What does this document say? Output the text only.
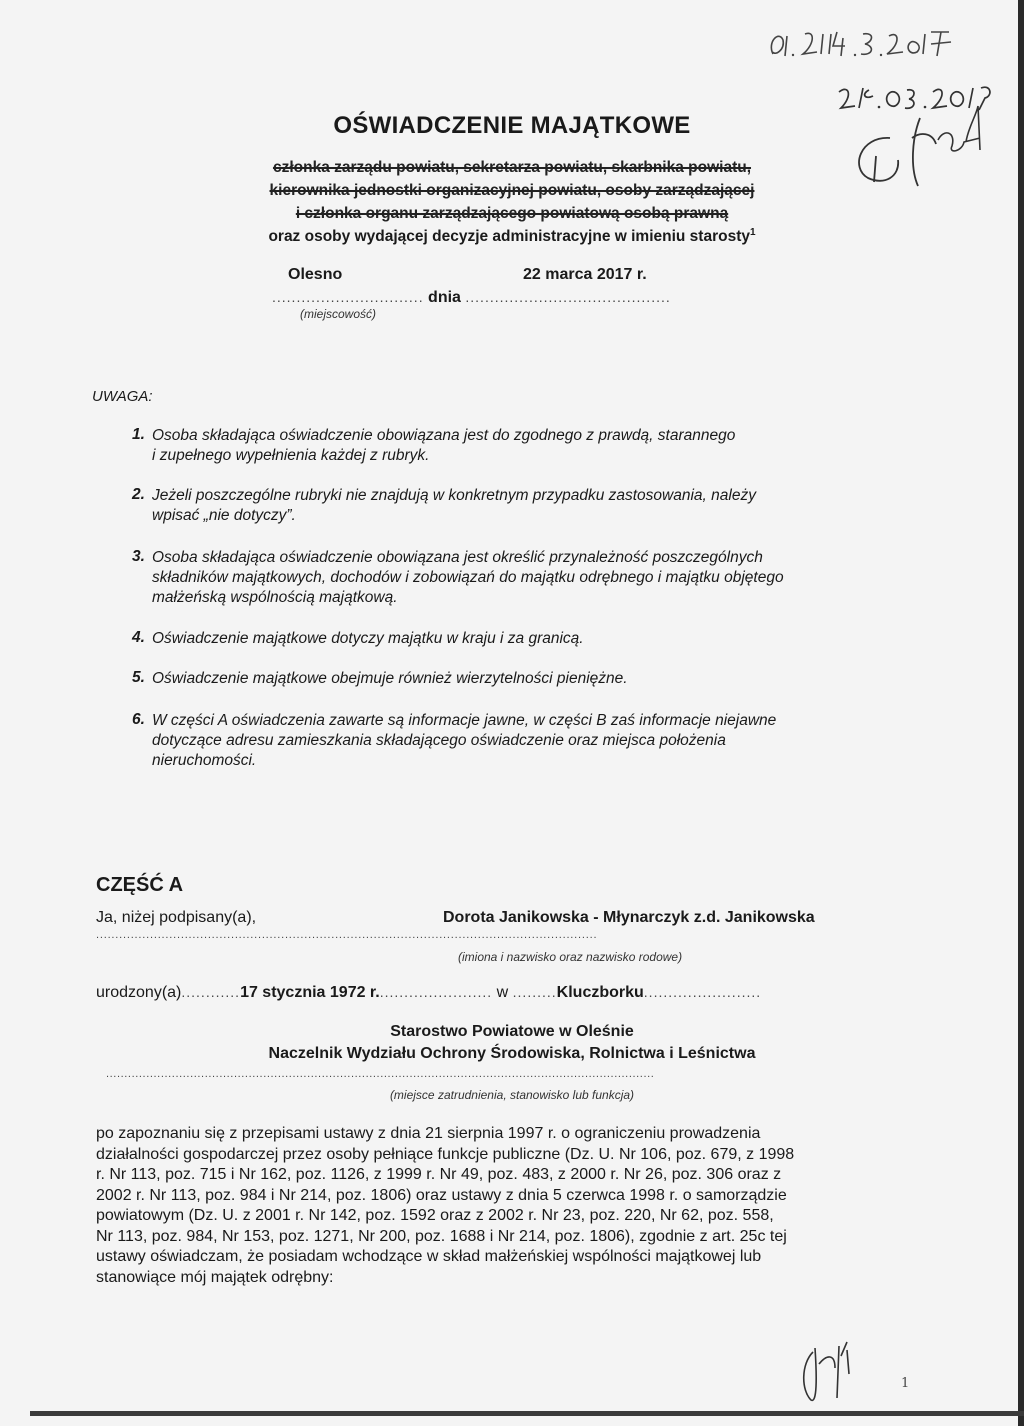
OŚWIADCZENIE MAJĄTKOWE
członka zarządu powiatu, sekretarza powiatu, skarbnika powiatu,
kierownika jednostki organizacyjnej powiatu, osoby zarządzającej
i członka organu zarządzającego powiatową osobą prawną
oraz osoby wydającej decyzje administracyjne w imieniu starosty$^1$
Olesno	22 marca 2017 r.
............................... dnia ..........................................
(miejscowość)
UWAGA:
1. Osoba składająca oświadczenie obowiązana jest do zgodnego z prawdą, starannego
i zupełnego wypełnienia każdej z rubryk.
2. Jeżeli poszczególne rubryki nie znajdują w konkretnym przypadku zastosowania, należy
wpisać „nie dotyczy”.
3. Osoba składająca oświadczenie obowiązana jest określić przynależność poszczególnych
składników majątkowych, dochodów i zobowiązań do majątku odrębnego i majątku objętego
małżeńską wspólnością majątkową.
4. Oświadczenie majątkowe dotyczy majątku w kraju i za granicą.
5. Oświadczenie majątkowe obejmuje również wierzytelności pieniężne.
6. W części A oświadczenia zawarte są informacje jawne, w części B zaś informacje niejawne
dotyczące adresu zamieszkania składającego oświadczenie oraz miejsca położenia
nieruchomości.
CZĘŚĆ A
Ja, niżej podpisany(a),	Dorota Janikowska - Młynarczyk z.d. Janikowska
..................................................................................................................................
(imiona i nazwisko oraz nazwisko rodowe)
urodzony(a)............17 stycznia 1972 r........................ w .........Kluczborku........................
Starostwo Powiatowe w Oleśnie
Naczelnik Wydziału Ochrony Środowiska, Rolnictwa i Leśnictwa
......................................................................................................................................................
(miejsce zatrudnienia, stanowisko lub funkcja)
po zapoznaniu się z przepisami ustawy z dnia 21 sierpnia 1997 r. o ograniczeniu prowadzenia
działalności gospodarczej przez osoby pełniące funkcje publiczne (Dz. U. Nr 106, poz. 679, z 1998
r. Nr 113, poz. 715 i Nr 162, poz. 1126, z 1999 r. Nr 49, poz. 483, z 2000 r. Nr 26, poz. 306 oraz z
2002 r. Nr 113, poz. 984 i Nr 214, poz. 1806) oraz ustawy z dnia 5 czerwca 1998 r. o samorządzie
powiatowym (Dz. U. z 2001 r. Nr 142, poz. 1592 oraz z 2002 r. Nr 23, poz. 220, Nr 62, poz. 558,
Nr 113, poz. 984, Nr 153, poz. 1271, Nr 200, poz. 1688 i Nr 214, poz. 1806), zgodnie z art. 25c tej
ustawy oświadczam, że posiadam wchodzące w skład małżeńskiej wspólności majątkowej lub
stanowiące mój majątek odrębny:
1
